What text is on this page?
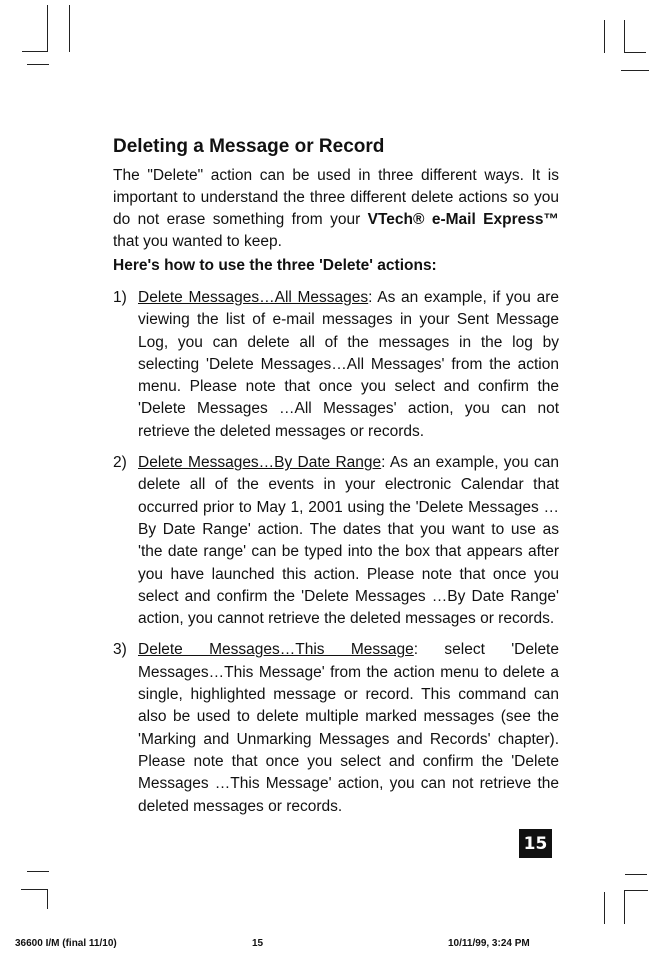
Deleting a Message or Record

The "Delete" action can be used in three different ways. It is important to understand the three different delete actions so you do not erase something from your VTech® e-Mail Express™ that you wanted to keep.

Here's how to use the three 'Delete' actions:

1) Delete Messages…All Messages: As an example, if you are viewing the list of e-mail messages in your Sent Message Log, you can delete all of the messages in the log by selecting 'Delete Messages…All Messages' from the action menu. Please note that once you select and confirm the 'Delete Messages …All Messages' action, you can not retrieve the deleted messages or records.
2) Delete Messages…By Date Range: As an example, you can delete all of the events in your electronic Calendar that occurred prior to May 1, 2001 using the 'Delete Messages …By Date Range' action. The dates that you want to use as 'the date range' can be typed into the box that appears after you have launched this action. Please note that once you select and confirm the 'Delete Messages …By Date Range' action, you cannot retrieve the deleted messages or records.
3) Delete Messages…This Message: select 'Delete Messages…This Message' from the action menu to delete a single, highlighted message or record. This command can also be used to delete multiple marked messages (see the 'Marking and Unmarking Messages and Records' chapter). Please note that once you select and confirm the 'Delete Messages …This Message' action, you can not retrieve the deleted messages or records.
15
36600 I/M (final 11/10)	15	10/11/99, 3:24 PM
